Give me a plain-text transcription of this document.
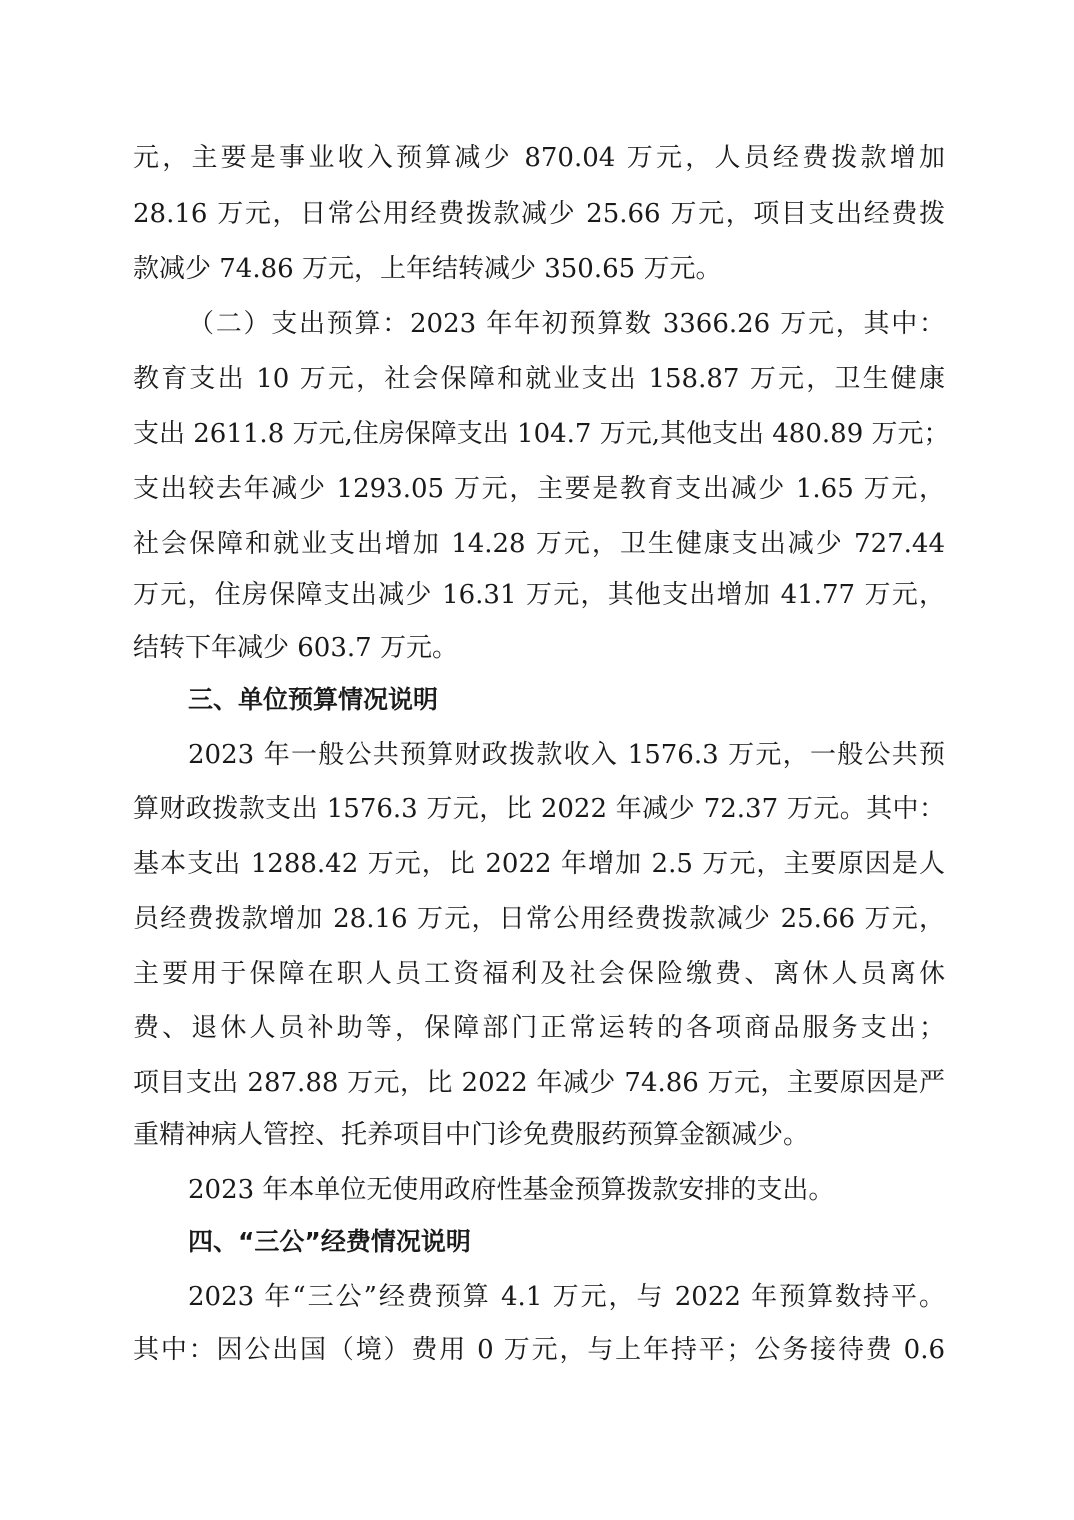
元，主要是事业收入预算减少 870.04 万元，人员经费拨款增加
28.16 万元，日常公用经费拨款减少 25.66 万元，项目支出经费拨
款减少 74.86 万元，上年结转减少 350.65 万元。
（二）支出预算：2023 年年初预算数 3366.26 万元，其中：
教育支出 10 万元，社会保障和就业支出 158.87 万元，卫生健康
支出 2611.8 万元,住房保障支出 104.7 万元,其他支出 480.89 万元；
支出较去年减少 1293.05 万元，主要是教育支出减少 1.65 万元，
社会保障和就业支出增加 14.28 万元，卫生健康支出减少 727.44
万元，住房保障支出减少 16.31 万元，其他支出增加 41.77 万元，
结转下年减少 603.7 万元。
三、单位预算情况说明
2023 年一般公共预算财政拨款收入 1576.3 万元，一般公共预
算财政拨款支出 1576.3 万元，比 2022 年减少 72.37 万元。其中：
基本支出 1288.42 万元，比 2022 年增加 2.5 万元，主要原因是人
员经费拨款增加 28.16 万元，日常公用经费拨款减少 25.66 万元，
主要用于保障在职人员工资福利及社会保险缴费、离休人员离休
费、退休人员补助等，保障部门正常运转的各项商品服务支出；
项目支出 287.88 万元，比 2022 年减少 74.86 万元，主要原因是严
重精神病人管控、托养项目中门诊免费服药预算金额减少。
2023 年本单位无使用政府性基金预算拨款安排的支出。
四、“三公”经费情况说明
2023 年“三公”经费预算 4.1 万元，与 2022 年预算数持平。
其中：因公出国（境）费用 0 万元，与上年持平；公务接待费 0.6
